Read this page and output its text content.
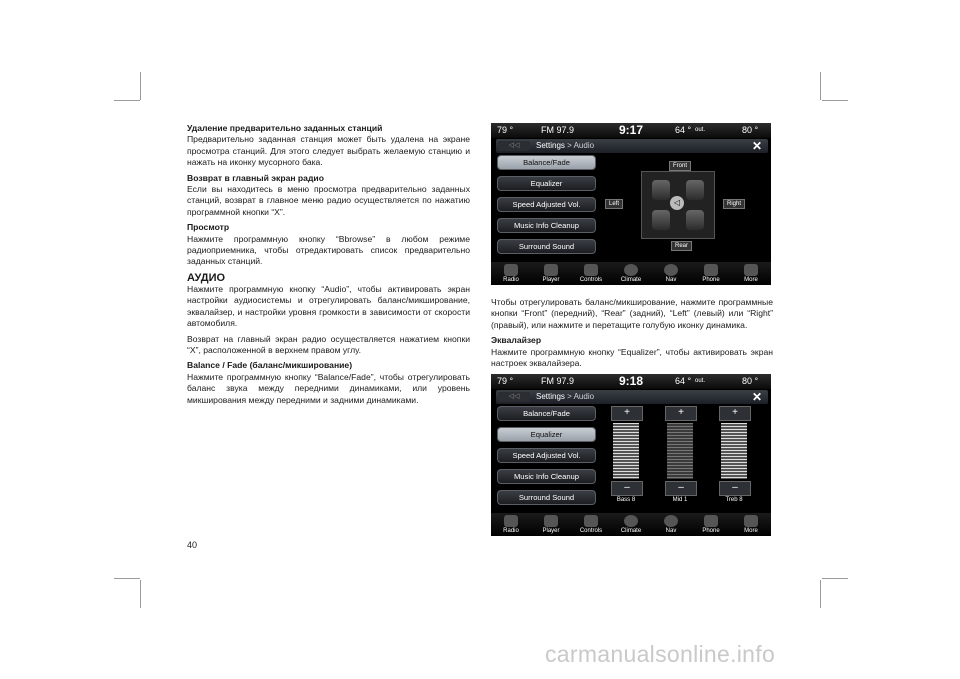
Удаление предварительно заданных станций

Предварительно заданная станция может быть удалена на экране просмотра станций. Для этого следует выбрать желаемую станцию и нажать на иконку мусорного бака.

Возврат в главный экран радио

Если вы находитесь в меню просмотра предварительно заданных станций, возврат в главное меню радио осуществляется по нажатию программной кнопки “X”.

Просмотр

Нажмите программную кнопку “Bbrowse” в любом режиме радиоприемника, чтобы отредактировать список предварительно заданных станций.

АУДИО

Нажмите программную кнопку “Audio”, чтобы активировать экран настройки аудиосистемы и отрегулировать баланс/микширование, эквалайзер, и настройки уровня громкости в зависимости от скорости автомобиля.

Возврат на главный экран радио осуществляется нажатием кнопки “X”, расположенной в верхнем правом углу.

Balance / Fade (баланс/микширование)

Нажмите программную кнопку “Balance/Fade”, чтобы отрегулировать баланс звука между передними динамиками, или уровень микширования между передними и задними динамиками.

79 °	FM 97.9	9:17	64 ° out.	80 °
◁◁	Settings > Audio	✕
Balance/Fade
Equalizer
Speed Adjusted Vol.
Music Info Cleanup
Surround Sound
Front
Rear
Left	Right
◁
Radio	Player	Controls	Climate	Nav	Phone	More

Чтобы отрегулировать баланс/микширование, нажмите программные кнопки “Front” (передний), “Rear” (задний), “Left” (левый) или “Right” (правый), или нажмите и перетащите голубую иконку динамика.

Эквалайзер

Нажмите программную кнопку “Equalizer”, чтобы активировать экран настроек эквалайзера.

79 °	FM 97.9	9:18	64 ° out.	80 °
◁◁	Settings > Audio	✕
Balance/Fade
Equalizer
Speed Adjusted Vol.
Music Info Cleanup
Surround Sound
+
–
Bass 8
+
–
Mid 1
+
–
Treb 8
Radio	Player	Controls	Climate	Nav	Phone	More
40
carmanualsonline.info
